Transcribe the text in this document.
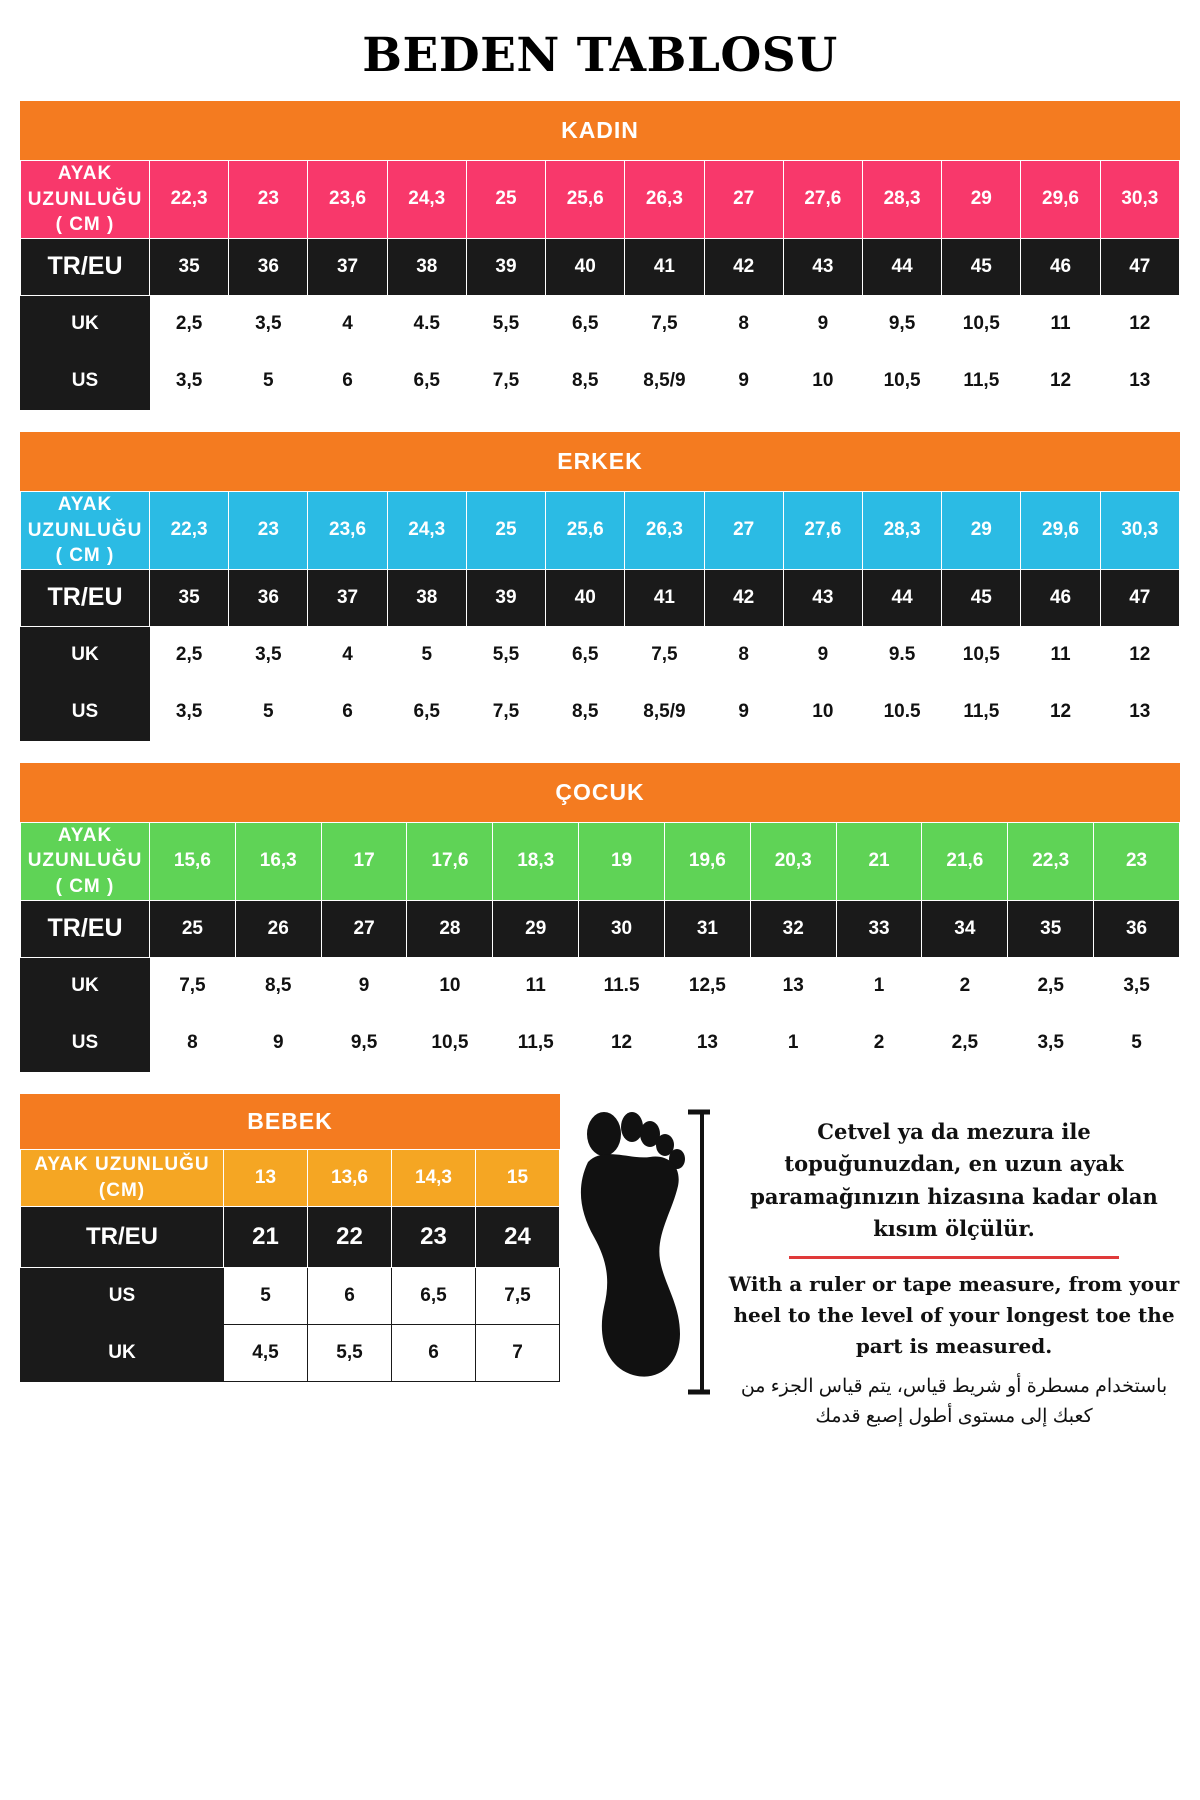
BEDEN TABLOSU
KADIN
AYAK
UZUNLUĞU
( CM )	22,3	23	23,6	24,3	25	25,6	26,3	27	27,6	28,3	29	29,6	30,3
TR/EU	35	36	37	38	39	40	41	42	43	44	45	46	47
UK	2,5	3,5	4	4.5	5,5	6,5	7,5	8	9	9,5	10,5	11	12
US	3,5	5	6	6,5	7,5	8,5	8,5/9	9	10	10,5	11,5	12	13
ERKEK
AYAK
UZUNLUĞU
( CM )	22,3	23	23,6	24,3	25	25,6	26,3	27	27,6	28,3	29	29,6	30,3
TR/EU	35	36	37	38	39	40	41	42	43	44	45	46	47
UK	2,5	3,5	4	5	5,5	6,5	7,5	8	9	9.5	10,5	11	12
US	3,5	5	6	6,5	7,5	8,5	8,5/9	9	10	10.5	11,5	12	13
ÇOCUK
AYAK
UZUNLUĞU
( CM )	15,6	16,3	17	17,6	18,3	19	19,6	20,3	21	21,6	22,3	23
TR/EU	25	26	27	28	29	30	31	32	33	34	35	36
UK	7,5	8,5	9	10	11	11.5	12,5	13	1	2	2,5	3,5
US	8	9	9,5	10,5	11,5	12	13	1	2	2,5	3,5	5
BEBEK
AYAK UZUNLUĞU
(CM)	13	13,6	14,3	15
TR/EU	21	22	23	24
US	5	6	6,5	7,5
UK	4,5	5,5	6	7

Cetvel ya da mezura ile topuğunuzdan, en uzun ayak paramağınızın hizasına kadar olan kısım ölçülür.

With a ruler or tape measure, from your heel to the level of your longest toe the part is measured.

باستخدام مسطرة أو شريط قياس، يتم قياس الجزء من كعبك إلى مستوى أطول إصبع قدمك
